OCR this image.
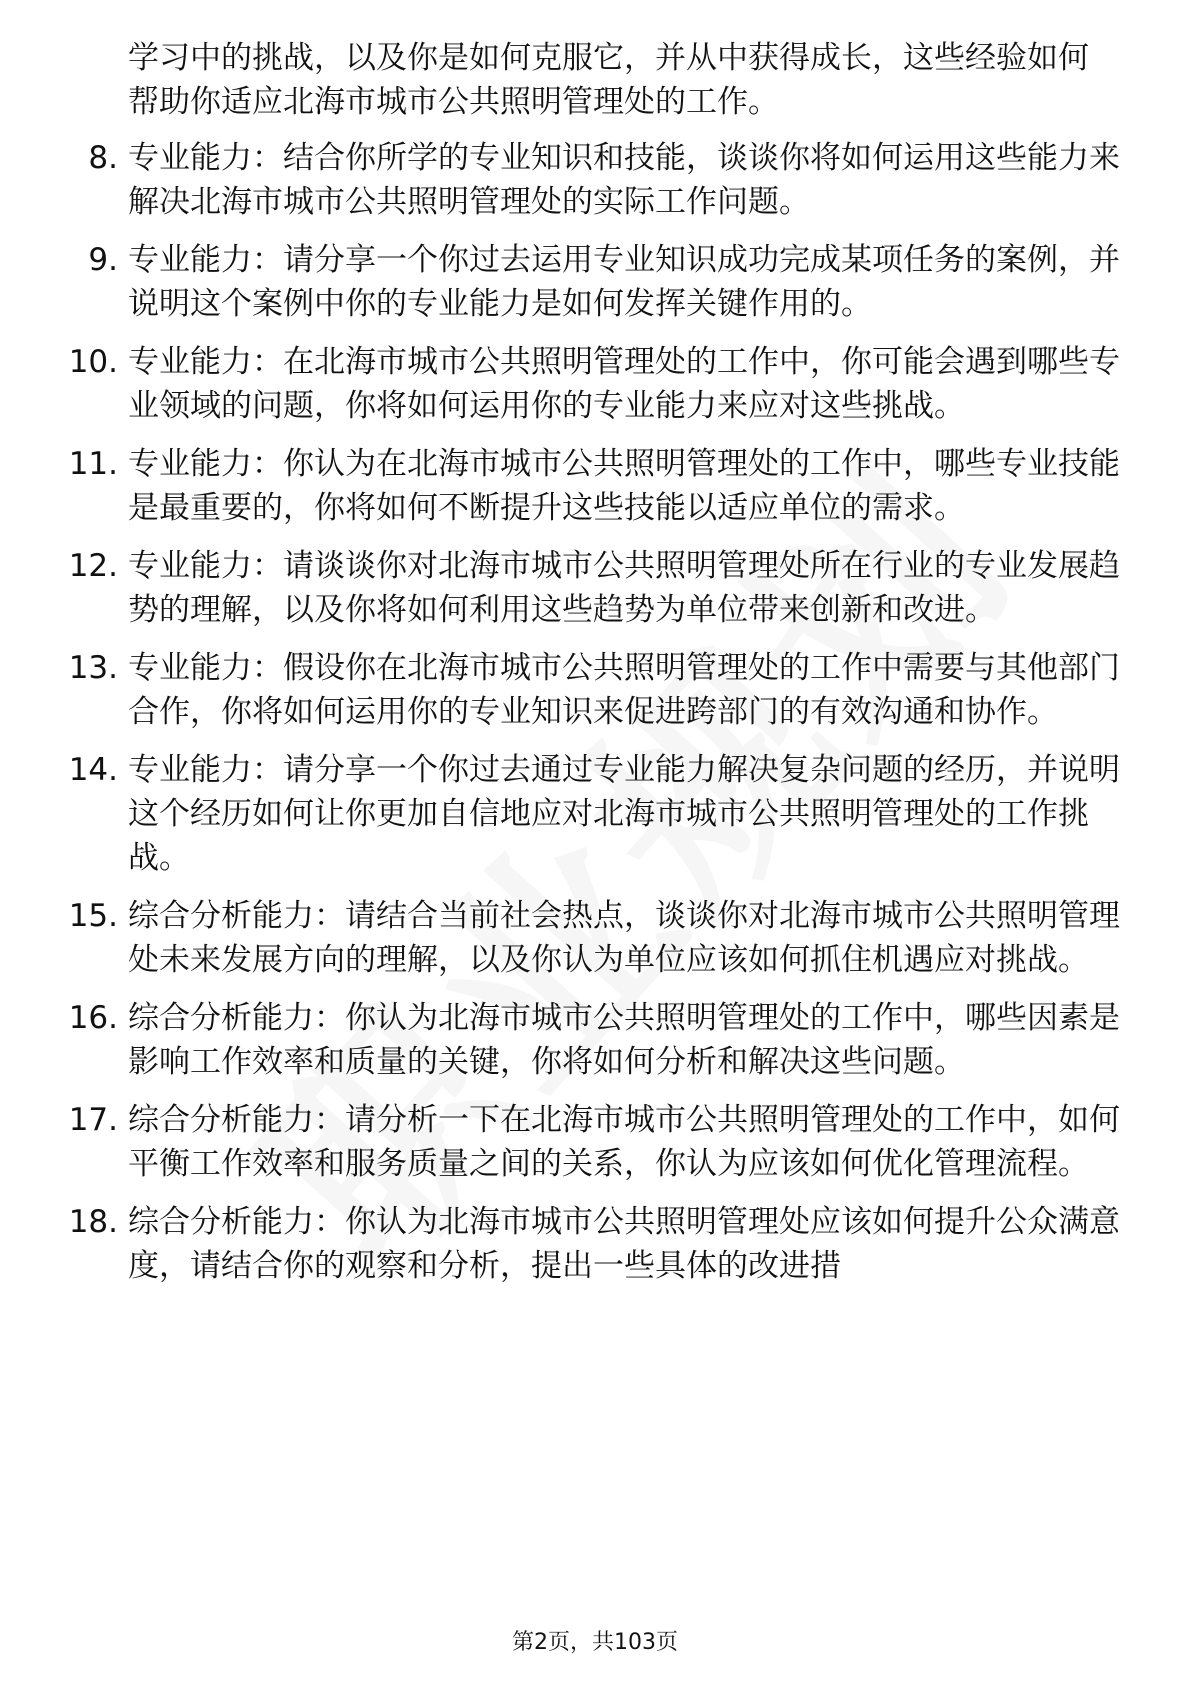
学习中的挑战，以及你是如何克服它，并从中获得成长，这些经验如何帮助你适应北海市城市公共照明管理处的工作。
8. 专业能力：结合你所学的专业知识和技能，谈谈你将如何运用这些能力来解决北海市城市公共照明管理处的实际工作问题。
9. 专业能力：请分享一个你过去运用专业知识成功完成某项任务的案例，并说明这个案例中你的专业能力是如何发挥关键作用的。
10. 专业能力：在北海市城市公共照明管理处的工作中，你可能会遇到哪些专业领域的问题，你将如何运用你的专业能力来应对这些挑战。
11. 专业能力：你认为在北海市城市公共照明管理处的工作中，哪些专业技能是最重要的，你将如何不断提升这些技能以适应单位的需求。
12. 专业能力：请谈谈你对北海市城市公共照明管理处所在行业的专业发展趋势的理解，以及你将如何利用这些趋势为单位带来创新和改进。
13. 专业能力：假设你在北海市城市公共照明管理处的工作中需要与其他部门合作，你将如何运用你的专业知识来促进跨部门的有效沟通和协作。
14. 专业能力：请分享一个你过去通过专业能力解决复杂问题的经历，并说明这个经历如何让你更加自信地应对北海市城市公共照明管理处的工作挑战。
15. 综合分析能力：请结合当前社会热点，谈谈你对北海市城市公共照明管理处未来发展方向的理解，以及你认为单位应该如何抓住机遇应对挑战。
16. 综合分析能力：你认为北海市城市公共照明管理处的工作中，哪些因素是影响工作效率和质量的关键，你将如何分析和解决这些问题。
17. 综合分析能力：请分析一下在北海市城市公共照明管理处的工作中，如何平衡工作效率和服务质量之间的关系，你认为应该如何优化管理流程。
18. 综合分析能力：你认为北海市城市公共照明管理处应该如何提升公众满意度，请结合你的观察和分析，提出一些具体的改进措
第2页，共103页
